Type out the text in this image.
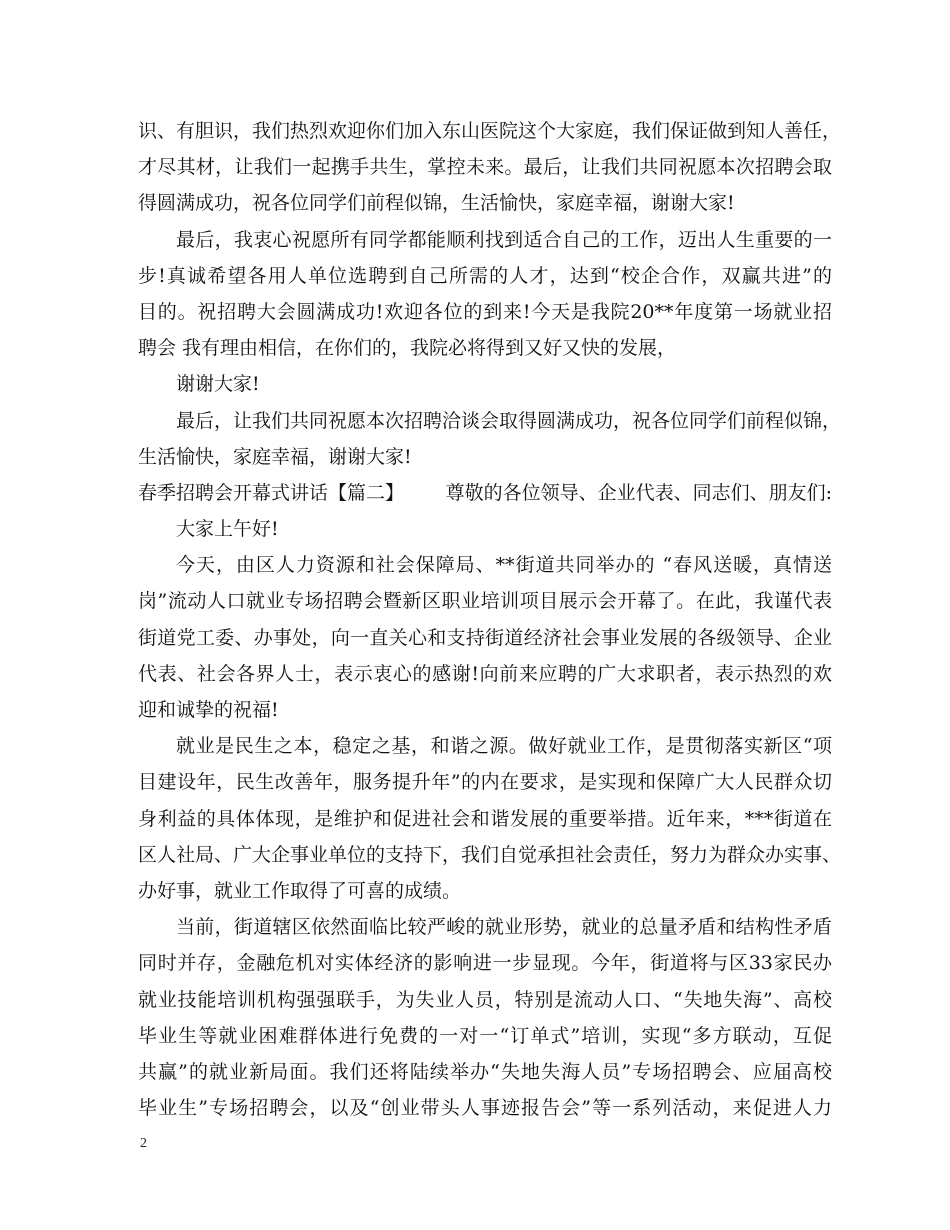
识、有胆识，我们热烈欢迎你们加入东山医院这个大家庭，我们保证做到知人善任，
才尽其材，让我们一起携手共生，掌控未来。最后，让我们共同祝愿本次招聘会取
得圆满成功，祝各位同学们前程似锦，生活愉快，家庭幸福，谢谢大家!
最后，我衷心祝愿所有同学都能顺利找到适合自己的工作，迈出人生重要的一
步!真诚希望各用人单位选聘到自己所需的人才，达到“校企合作，双赢共进”的
目的。祝招聘大会圆满成功!欢迎各位的到来!今天是我院20**年度第一场就业招
聘会 我有理由相信，在你们的，我院必将得到又好又快的发展，
谢谢大家!
最后，让我们共同祝愿本次招聘洽谈会取得圆满成功，祝各位同学们前程似锦，
生活愉快，家庭幸福，谢谢大家!
春季招聘会开幕式讲话【篇二】 尊敬的各位领导、企业代表、同志们、朋友们:
大家上午好!
今天，由区人力资源和社会保障局、**街道共同举办的 “春风送暖，真情送
岗”流动人口就业专场招聘会暨新区职业培训项目展示会开幕了。在此，我谨代表
街道党工委、办事处，向一直关心和支持街道经济社会事业发展的各级领导、企业
代表、社会各界人士，表示衷心的感谢!向前来应聘的广大求职者，表示热烈的欢
迎和诚挚的祝福!
就业是民生之本，稳定之基，和谐之源。做好就业工作，是贯彻落实新区“项
目建设年，民生改善年，服务提升年”的内在要求，是实现和保障广大人民群众切
身利益的具体体现，是维护和促进社会和谐发展的重要举措。近年来，***街道在
区人社局、广大企事业单位的支持下，我们自觉承担社会责任，努力为群众办实事、
办好事，就业工作取得了可喜的成绩。
当前，街道辖区依然面临比较严峻的就业形势，就业的总量矛盾和结构性矛盾
同时并存，金融危机对实体经济的影响进一步显现。今年，街道将与区33家民办
就业技能培训机构强强联手，为失业人员，特别是流动人口、“失地失海”、高校
毕业生等就业困难群体进行免费的一对一“订单式”培训，实现“多方联动，互促
共赢”的就业新局面。我们还将陆续举办“失地失海人员”专场招聘会、应届高校
毕业生”专场招聘会，以及“创业带头人事迹报告会”等一系列活动，来促进人力
2
